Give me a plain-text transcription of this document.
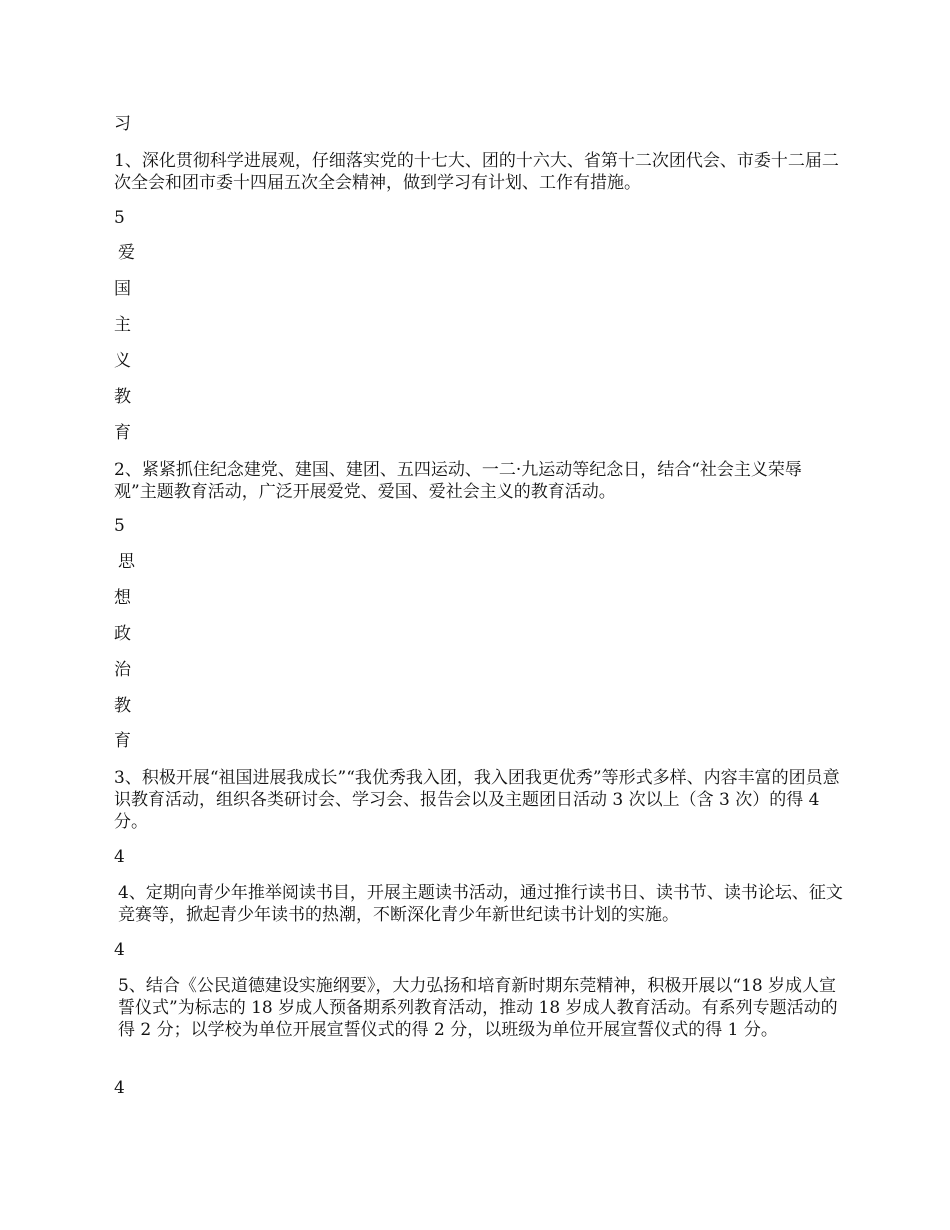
习
1、深化贯彻科学进展观，仔细落实党的十七大、团的十六大、省第十二次团代会、市委十二届二次全会和团市委十四届五次全会精神，做到学习有计划、工作有措施。
5
爱
国
主
义
教
育
2、紧紧抓住纪念建党、建国、建团、五四运动、一二·九运动等纪念日，结合“社会主义荣辱观”主题教育活动，广泛开展爱党、爱国、爱社会主义的教育活动。
5
思
想
政
治
教
育
3、积极开展“祖国进展我成长”“我优秀我入团，我入团我更优秀”等形式多样、内容丰富的团员意识教育活动，组织各类研讨会、学习会、报告会以及主题团日活动 3 次以上（含 3 次）的得 4 分。
4
4、定期向青少年推举阅读书目，开展主题读书活动，通过推行读书日、读书节、读书论坛、征文竞赛等，掀起青少年读书的热潮，不断深化青少年新世纪读书计划的实施。
4
5、结合《公民道德建设实施纲要》，大力弘扬和培育新时期东莞精神，积极开展以“18 岁成人宣誓仪式”为标志的 18 岁成人预备期系列教育活动，推动 18 岁成人教育活动。有系列专题活动的得 2 分；以学校为单位开展宣誓仪式的得 2 分，以班级为单位开展宣誓仪式的得 1 分。
4
